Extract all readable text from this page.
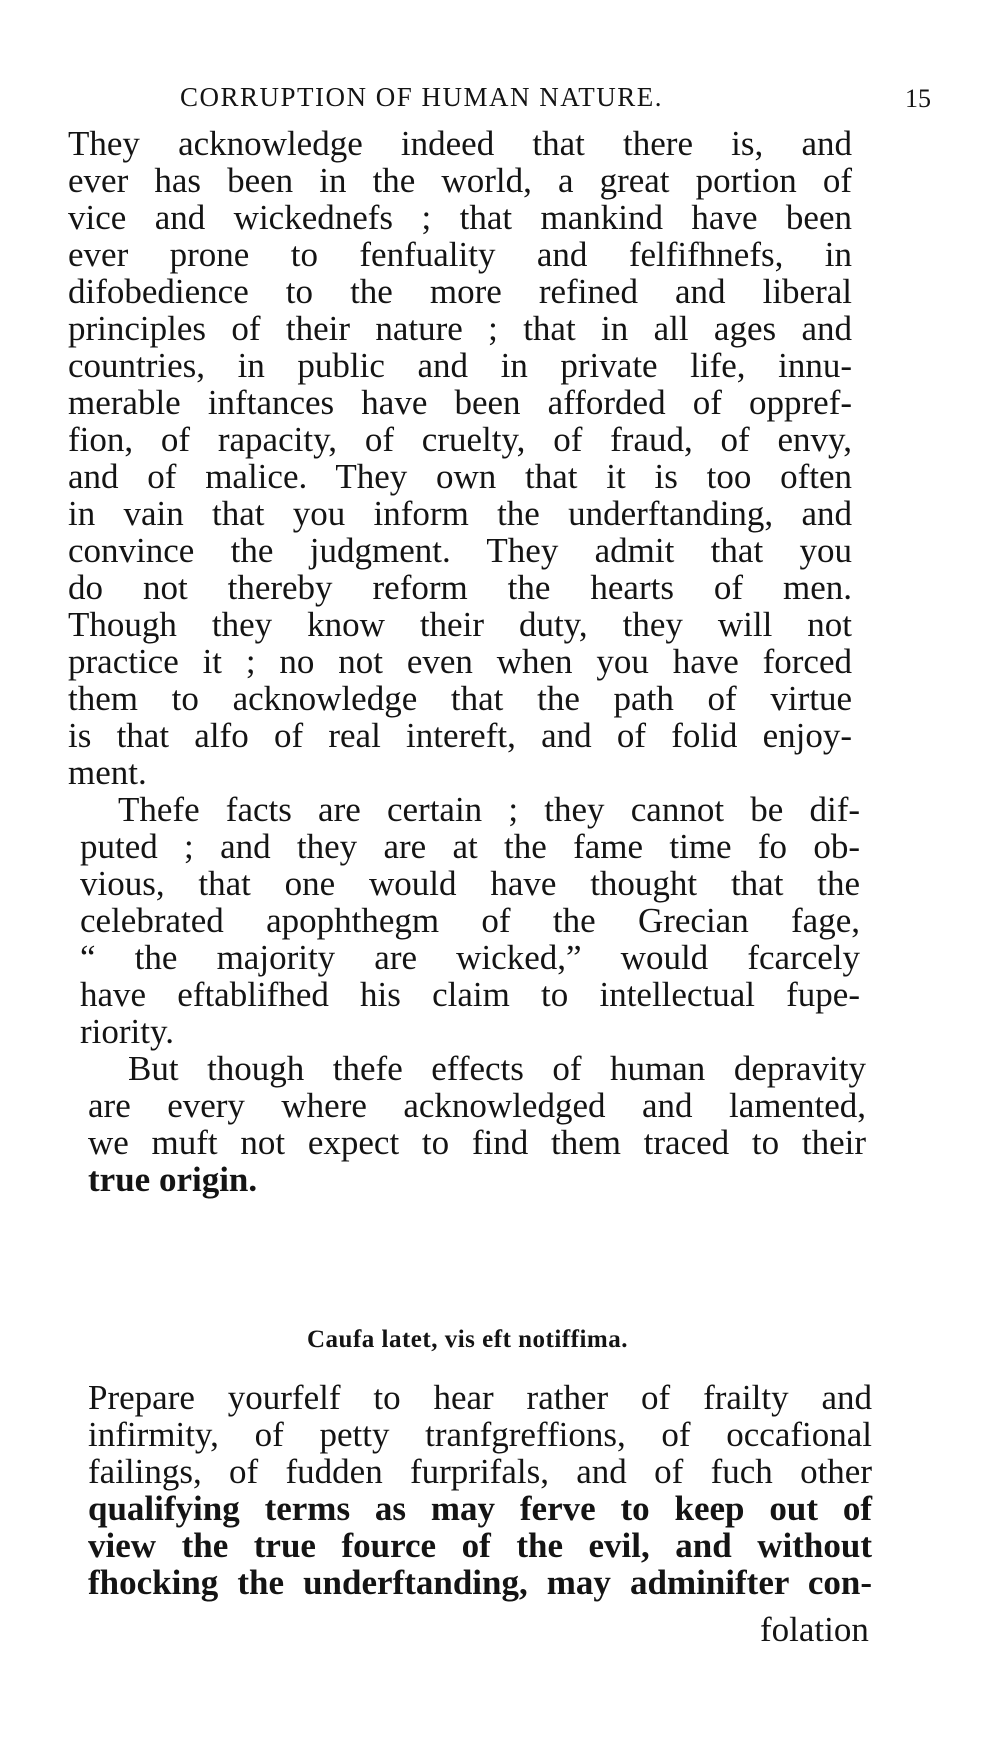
CORRUPTION OF HUMAN NATURE.	15
They acknowledge indeed that there is, and
ever has been in the world, a great portion of
vice and wickednefs ; that mankind have been
ever prone to fenfuality and felfifhnefs, in
difobedience to the more refined and liberal
principles of their nature ; that in all ages and
countries, in public and in private life, innu-
merable inftances have been afforded of oppref-
fion, of rapacity, of cruelty, of fraud, of envy,
and of malice. They own that it is too often
in vain that you inform the underftanding, and
convince the judgment. They admit that you
do not thereby reform the hearts of men.
Though they know their duty, they will not
practice it ; no not even when you have forced
them to acknowledge that the path of virtue
is that alfo of real intereft, and of folid enjoy-
ment.
Thefe facts are certain ; they cannot be dif-
puted ; and they are at the fame time fo ob-
vious, that one would have thought that the
celebrated apophthegm of the Grecian fage,
“ the majority are wicked,” would fcarcely
have eftablifhed his claim to intellectual fupe-
riority.
But though thefe effects of human depravity
are every where acknowledged and lamented,
we muft not expect to find them traced to their
true origin.
Caufa latet, vis eft notiffima.
Prepare yourfelf to hear rather of frailty and
infirmity, of petty tranfgreffions, of occafional
failings, of fudden furprifals, and of fuch other
qualifying terms as may ferve to keep out of
view the true fource of the evil, and without
fhocking the underftanding, may adminifter con-
folation
